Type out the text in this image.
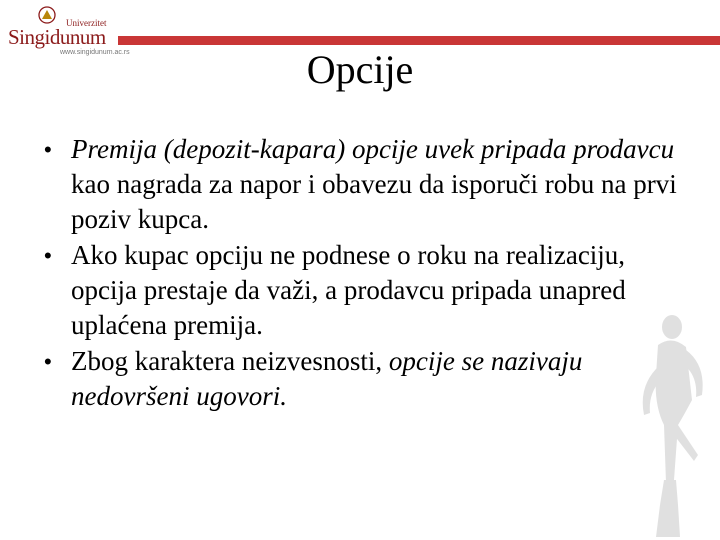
Univerzitet
Singidunum
www.singidunum.ac.rs	Opcije
• Premija (depozit-kapara) opcije uvek pripada prodavcu kao nagrada za napor i obavezu da isporuči robu na prvi poziv kupca.
• Ako kupac opciju ne podnese o roku na realizaciju, opcija prestaje da važi, a prodavcu pripada unapred uplaćena premija.
• Zbog karaktera neizvesnosti, opcije se nazivaju nedovršeni ugovori.
